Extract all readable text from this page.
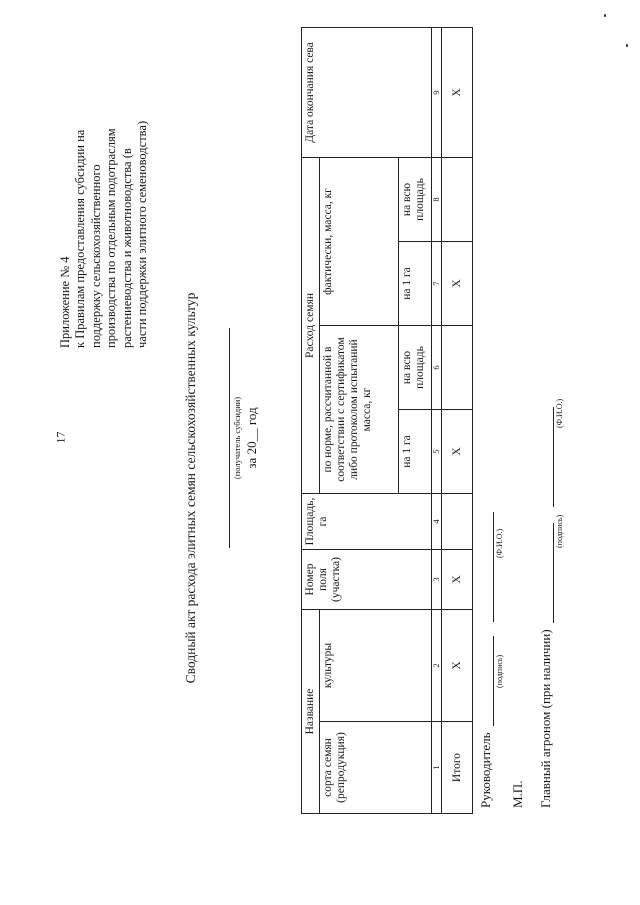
17
Приложение № 4 к Правилам предоставления субсидии на поддержку сельскохозяйственного производства по отдельным подотраслям растениеводства и животноводства (в части поддержки элитного семеноводства)
Сводный акт расхода элитных семян сельскохозяйственных культур	(получатель субсидии) за 20__ год
Название		Номер поля (участка)	Площадь, га	Расход семян				Дата окончания сева
сорта семян (репродукция)	культуры			по норме, рассчитанной в соответствии с сертификатом либо протоколом испытаний масса, кг		фактически, масса, кг		
				на 1 га	на всю площадь	на 1 га	на всю площадь	
1	2	3	4	5	6	7	8	9
Итого	X	X		X		X		X
Руководитель
(подпись)
(Ф.И.О.)
М.П. Главный агроном (при наличии)
(подпись)
(Ф.И.О.)
